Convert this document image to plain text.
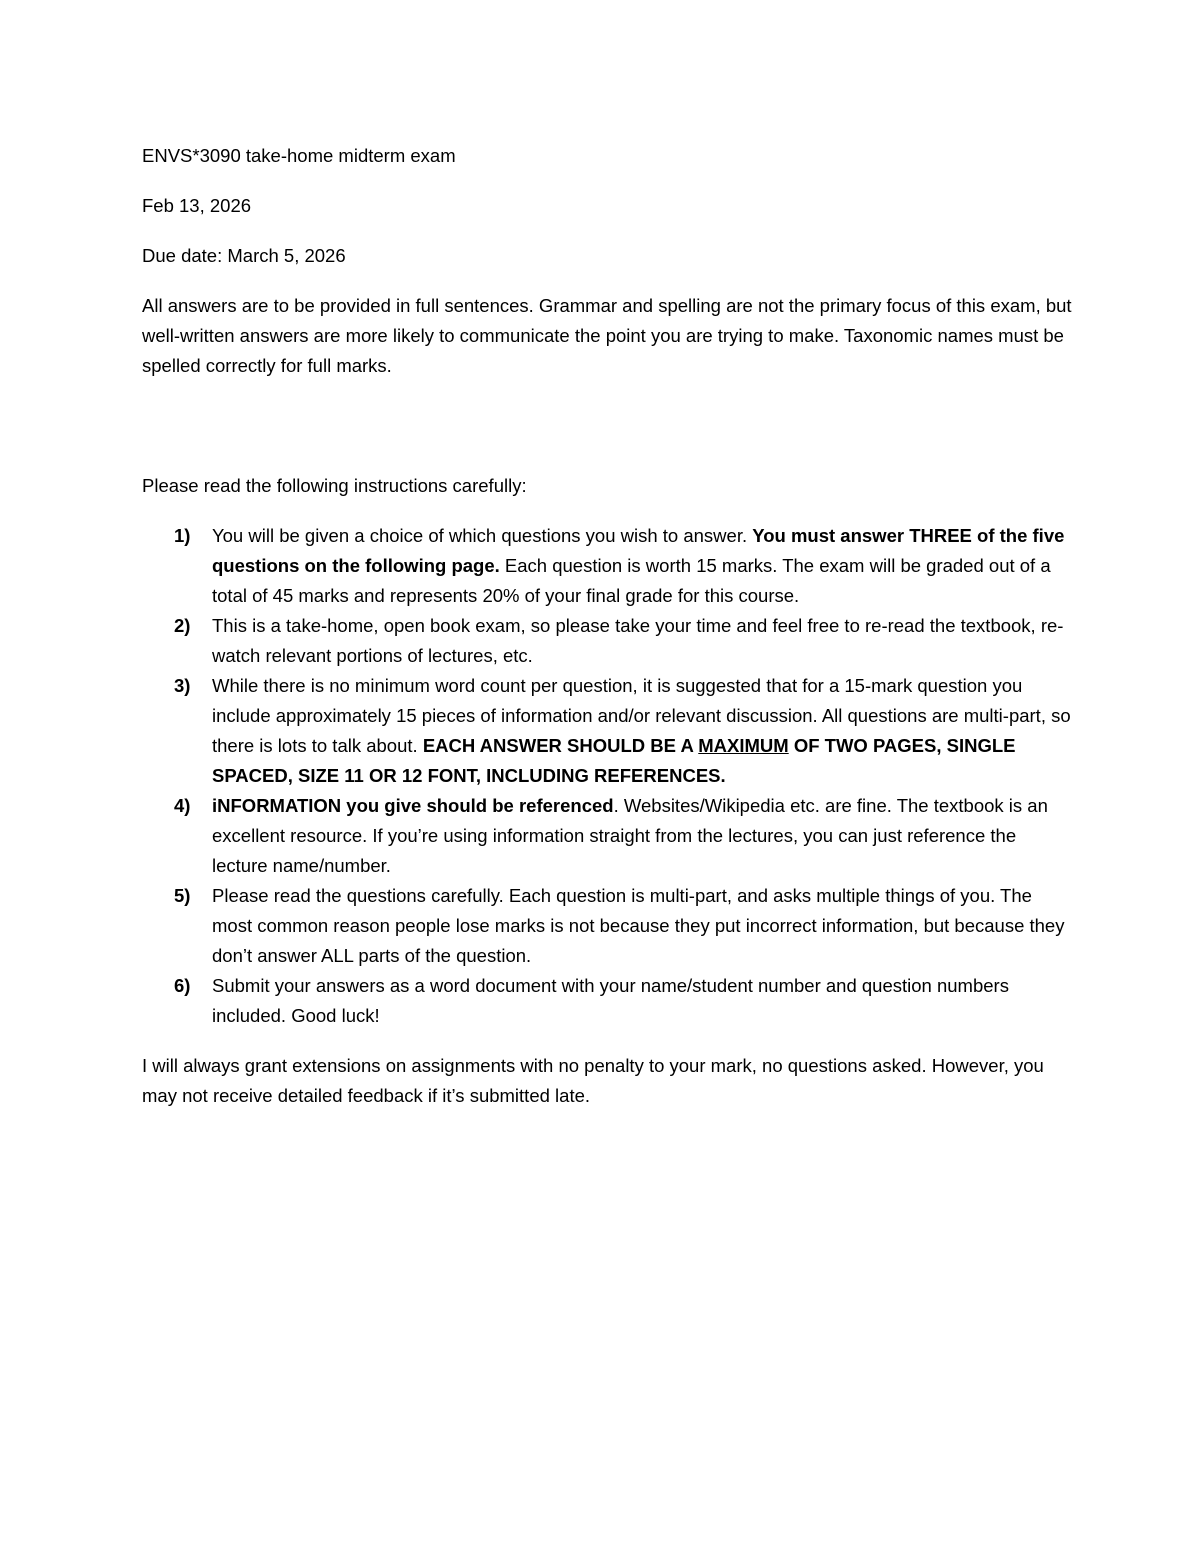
ENVS*3090 take-home midterm exam

Feb 13, 2026

Due date: March 5, 2026

All answers are to be provided in full sentences. Grammar and spelling are not the primary focus of this exam, but well-written answers are more likely to communicate the point you are trying to make. Taxonomic names must be spelled correctly for full marks.

Please read the following instructions carefully:

1) You will be given a choice of which questions you wish to answer. You must answer THREE of the five questions on the following page. Each question is worth 15 marks. The exam will be graded out of a total of 45 marks and represents 20% of your final grade for this course.
2) This is a take-home, open book exam, so please take your time and feel free to re-read the textbook, re-watch relevant portions of lectures, etc.
3) While there is no minimum word count per question, it is suggested that for a 15-mark question you include approximately 15 pieces of information and/or relevant discussion. All questions are multi-part, so there is lots to talk about. EACH ANSWER SHOULD BE A MAXIMUM OF TWO PAGES, SINGLE SPACED, SIZE 11 OR 12 FONT, INCLUDING REFERENCES.
4) iNFORMATION you give should be referenced. Websites/Wikipedia etc. are fine. The textbook is an excellent resource. If you’re using information straight from the lectures, you can just reference the lecture name/number.
5) Please read the questions carefully. Each question is multi-part, and asks multiple things of you. The most common reason people lose marks is not because they put incorrect information, but because they don’t answer ALL parts of the question.
6) Submit your answers as a word document with your name/student number and question numbers included. Good luck!

I will always grant extensions on assignments with no penalty to your mark, no questions asked. However, you may not receive detailed feedback if it’s submitted late.
